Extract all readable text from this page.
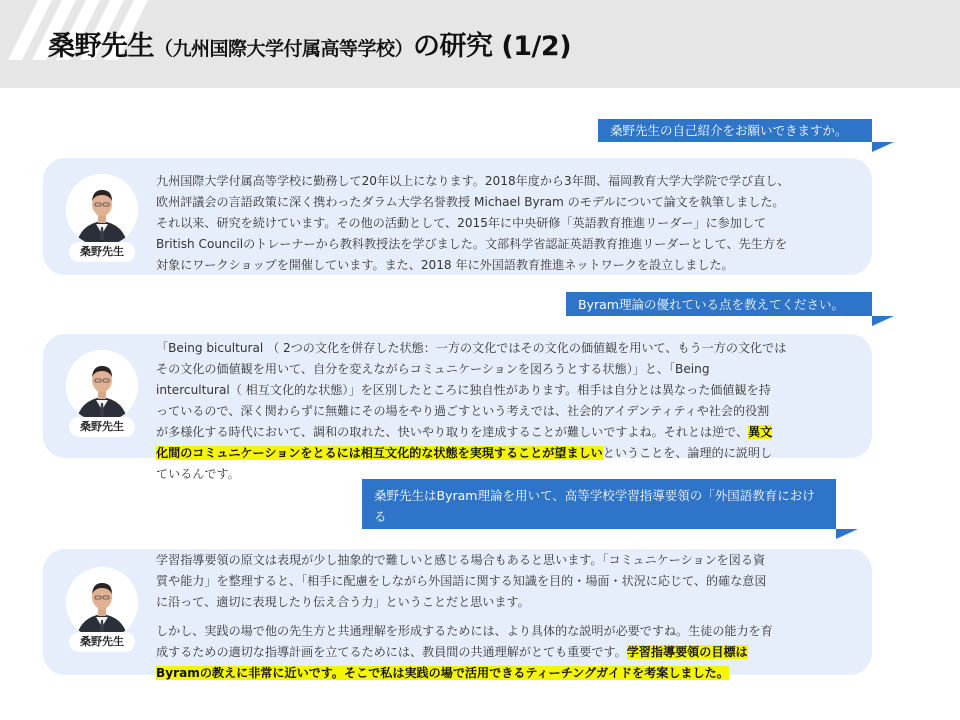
桑野先生（九州国際大学付属高等学校）の研究 (1/2)
桑野先生の自己紹介をお願いできますか。
桑野先生
九州国際大学付属高等学校に勤務して20年以上になります。2018年度から3年間、福岡教育大学大学院で学び直し、
欧州評議会の言語政策に深く携わったダラム大学名誉教授 Michael Byram のモデルについて論文を執筆しました。
それ以来、研究を続けています。その他の活動として、2015年に中央研修「英語教育推進リーダー」に参加して
British Councilのトレーナーから教科教授法を学びました。文部科学省認証英語教育推進リーダーとして、先生方を
対象にワークショップを開催しています。また、2018 年に外国語教育推進ネットワークを設立しました。
Byram理論の優れている点を教えてください。
桑野先生
「Being bicultural （ 2つの文化を併存した状態：一方の文化ではその文化の価値観を用いて、もう一方の文化では
その文化の価値観を用いて、自分を変えながらコミュニケーションを図ろうとする状態）」と、「Being
intercultural（ 相互文化的な状態）」を区別したところに独自性があります。相手は自分とは異なった価値観を持
っているので、深く関わらずに無難にその場をやり過ごすという考えでは、社会的アイデンティティや社会的役割
が多様化する時代において、調和の取れた、快いやり取りを達成することが難しいですよね。それとは逆で、異文
化間のコミュニケーションをとるには相互文化的な状態を実現することが望ましいということを、論理的に説明し
ているんです。
桑野先生はByram理論を用いて、高等学校学習指導要領の「外国語教育における
コミュニケーションを図る資質や能力」をわかりやすくお話されています。
桑野先生
学習指導要領の原文は表現が少し抽象的で難しいと感じる場合もあると思います。「コミュニケーションを図る資
質や能力」を整理すると、「相手に配慮をしながら外国語に関する知識を目的・場面・状況に応じて、的確な意図
に沿って、適切に表現したり伝え合う力」ということだと思います。
しかし、実践の場で他の先生方と共通理解を形成するためには、より具体的な説明が必要ですね。生徒の能力を育
成するための適切な指導計画を立てるためには、教員間の共通理解がとても重要です。学習指導要領の目標は
Byramの教えに非常に近いです。そこで私は実践の場で活用できるティーチングガイドを考案しました。
